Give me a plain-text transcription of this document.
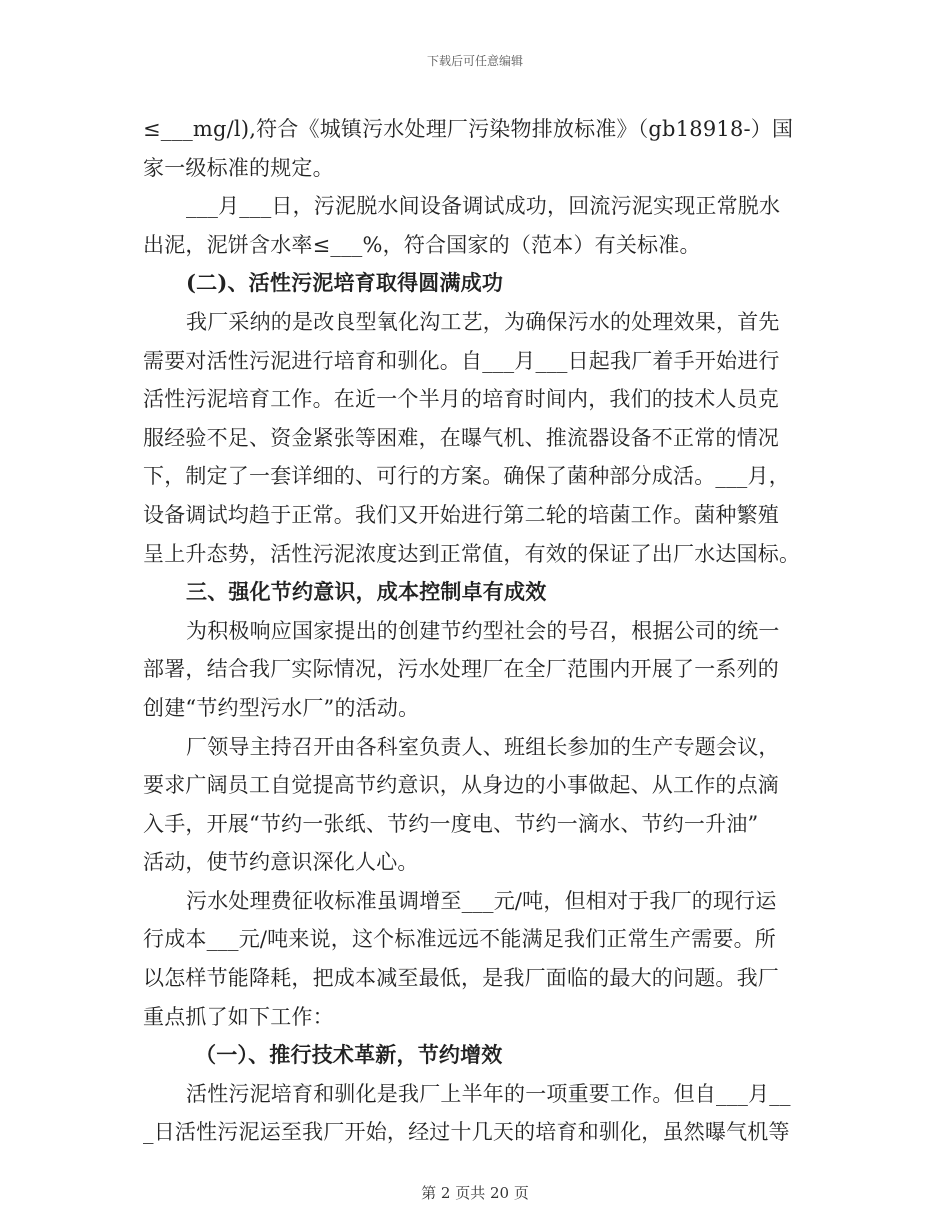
下载后可任意编辑
≤___mg/l),符合《城镇污水处理厂污染物排放标准》（gb18918-）国
家一级标准的规定。
___月___日，污泥脱水间设备调试成功，回流污泥实现正常脱水
出泥，泥饼含水率≤___%，符合国家的（范本）有关标准。
(二)、活性污泥培育取得圆满成功
我厂采纳的是改良型氧化沟工艺，为确保污水的处理效果，首先
需要对活性污泥进行培育和驯化。自___月___日起我厂着手开始进行
活性污泥培育工作。在近一个半月的培育时间内，我们的技术人员克
服经验不足、资金紧张等困难，在曝气机、推流器设备不正常的情况
下，制定了一套详细的、可行的方案。确保了菌种部分成活。___月，
设备调试均趋于正常。我们又开始进行第二轮的培菌工作。菌种繁殖
呈上升态势，活性污泥浓度达到正常值，有效的保证了出厂水达国标。
三、强化节约意识，成本控制卓有成效
为积极响应国家提出的创建节约型社会的号召，根据公司的统一
部署，结合我厂实际情况，污水处理厂在全厂范围内开展了一系列的
创建“节约型污水厂”的活动。
厂领导主持召开由各科室负责人、班组长参加的生产专题会议，
要求广阔员工自觉提高节约意识，从身边的小事做起、从工作的点滴
入手，开展“节约一张纸、节约一度电、节约一滴水、节约一升油”
活动，使节约意识深化人心。
污水处理费征收标准虽调增至___元/吨，但相对于我厂的现行运
行成本___元/吨来说，这个标准远远不能满足我们正常生产需要。所
以怎样节能降耗，把成本减至最低，是我厂面临的最大的问题。我厂
重点抓了如下工作：
（一）、推行技术革新，节约增效
活性污泥培育和驯化是我厂上半年的一项重要工作。但自___月__
_日活性污泥运至我厂开始，经过十几天的培育和驯化，虽然曝气机等
第 2 页共 20 页
